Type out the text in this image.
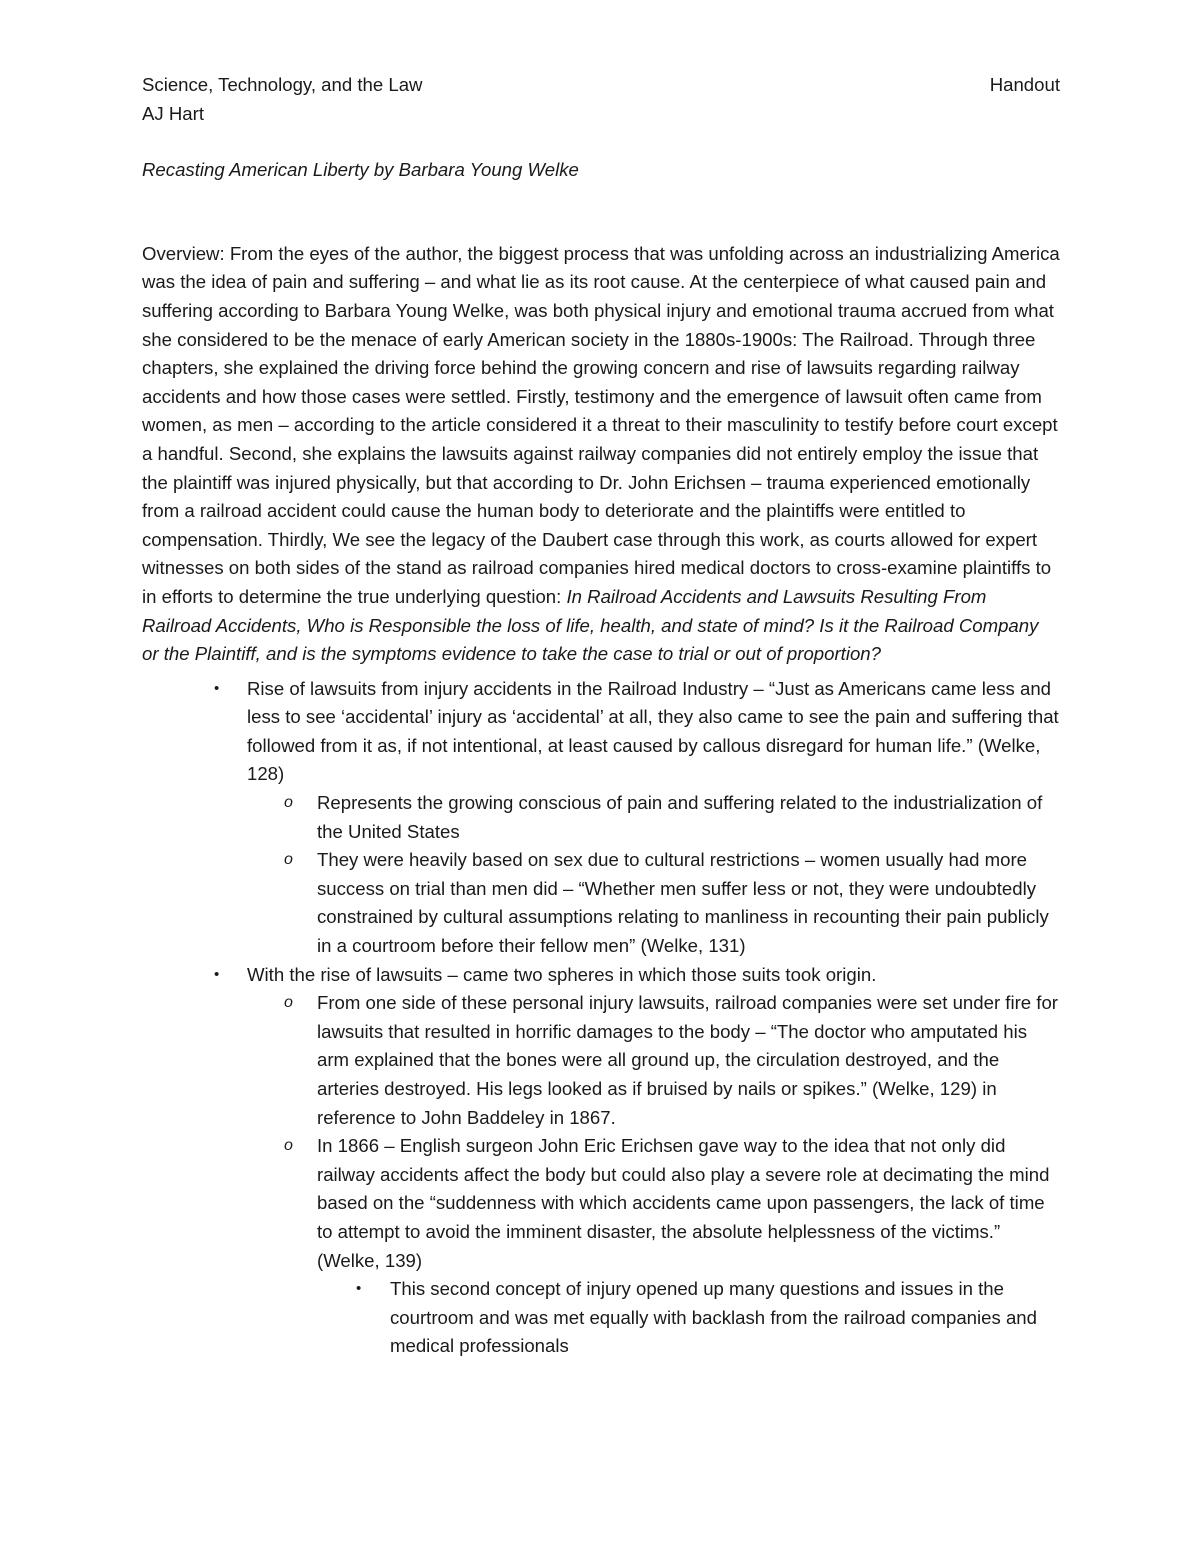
Science, Technology, and the Law	Handout
AJ Hart
Recasting American Liberty by Barbara Young Welke
Overview: From the eyes of the author, the biggest process that was unfolding across an industrializing America was the idea of pain and suffering – and what lie as its root cause. At the centerpiece of what caused pain and suffering according to Barbara Young Welke, was both physical injury and emotional trauma accrued from what she considered to be the menace of early American society in the 1880s-1900s: The Railroad. Through three chapters, she explained the driving force behind the growing concern and rise of lawsuits regarding railway accidents and how those cases were settled. Firstly, testimony and the emergence of lawsuit often came from women, as men – according to the article considered it a threat to their masculinity to testify before court except a handful. Second, she explains the lawsuits against railway companies did not entirely employ the issue that the plaintiff was injured physically, but that according to Dr. John Erichsen – trauma experienced emotionally from a railroad accident could cause the human body to deteriorate and the plaintiffs were entitled to compensation. Thirdly, We see the legacy of the Daubert case through this work, as courts allowed for expert witnesses on both sides of the stand as railroad companies hired medical doctors to cross-examine plaintiffs to in efforts to determine the true underlying question: In Railroad Accidents and Lawsuits Resulting From Railroad Accidents, Who is Responsible the loss of life, health, and state of mind? Is it the Railroad Company or the Plaintiff, and is the symptoms evidence to take the case to trial or out of proportion?
• Rise of lawsuits from injury accidents in the Railroad Industry – “Just as Americans came less and less to see ‘accidental’ injury as ‘accidental’ at all, they also came to see the pain and suffering that followed from it as, if not intentional, at least caused by callous disregard for human life.” (Welke, 128)
o Represents the growing conscious of pain and suffering related to the industrialization of the United States
o They were heavily based on sex due to cultural restrictions – women usually had more success on trial than men did – “Whether men suffer less or not, they were undoubtedly constrained by cultural assumptions relating to manliness in recounting their pain publicly in a courtroom before their fellow men” (Welke, 131)
• With the rise of lawsuits – came two spheres in which those suits took origin.
o From one side of these personal injury lawsuits, railroad companies were set under fire for lawsuits that resulted in horrific damages to the body – “The doctor who amputated his arm explained that the bones were all ground up, the circulation destroyed, and the arteries destroyed. His legs looked as if bruised by nails or spikes.” (Welke, 129) in reference to John Baddeley in 1867.
o In 1866 – English surgeon John Eric Erichsen gave way to the idea that not only did railway accidents affect the body but could also play a severe role at decimating the mind based on the “suddenness with which accidents came upon passengers, the lack of time to attempt to avoid the imminent disaster, the absolute helplessness of the victims.” (Welke, 139)
• This second concept of injury opened up many questions and issues in the courtroom and was met equally with backlash from the railroad companies and medical professionals
